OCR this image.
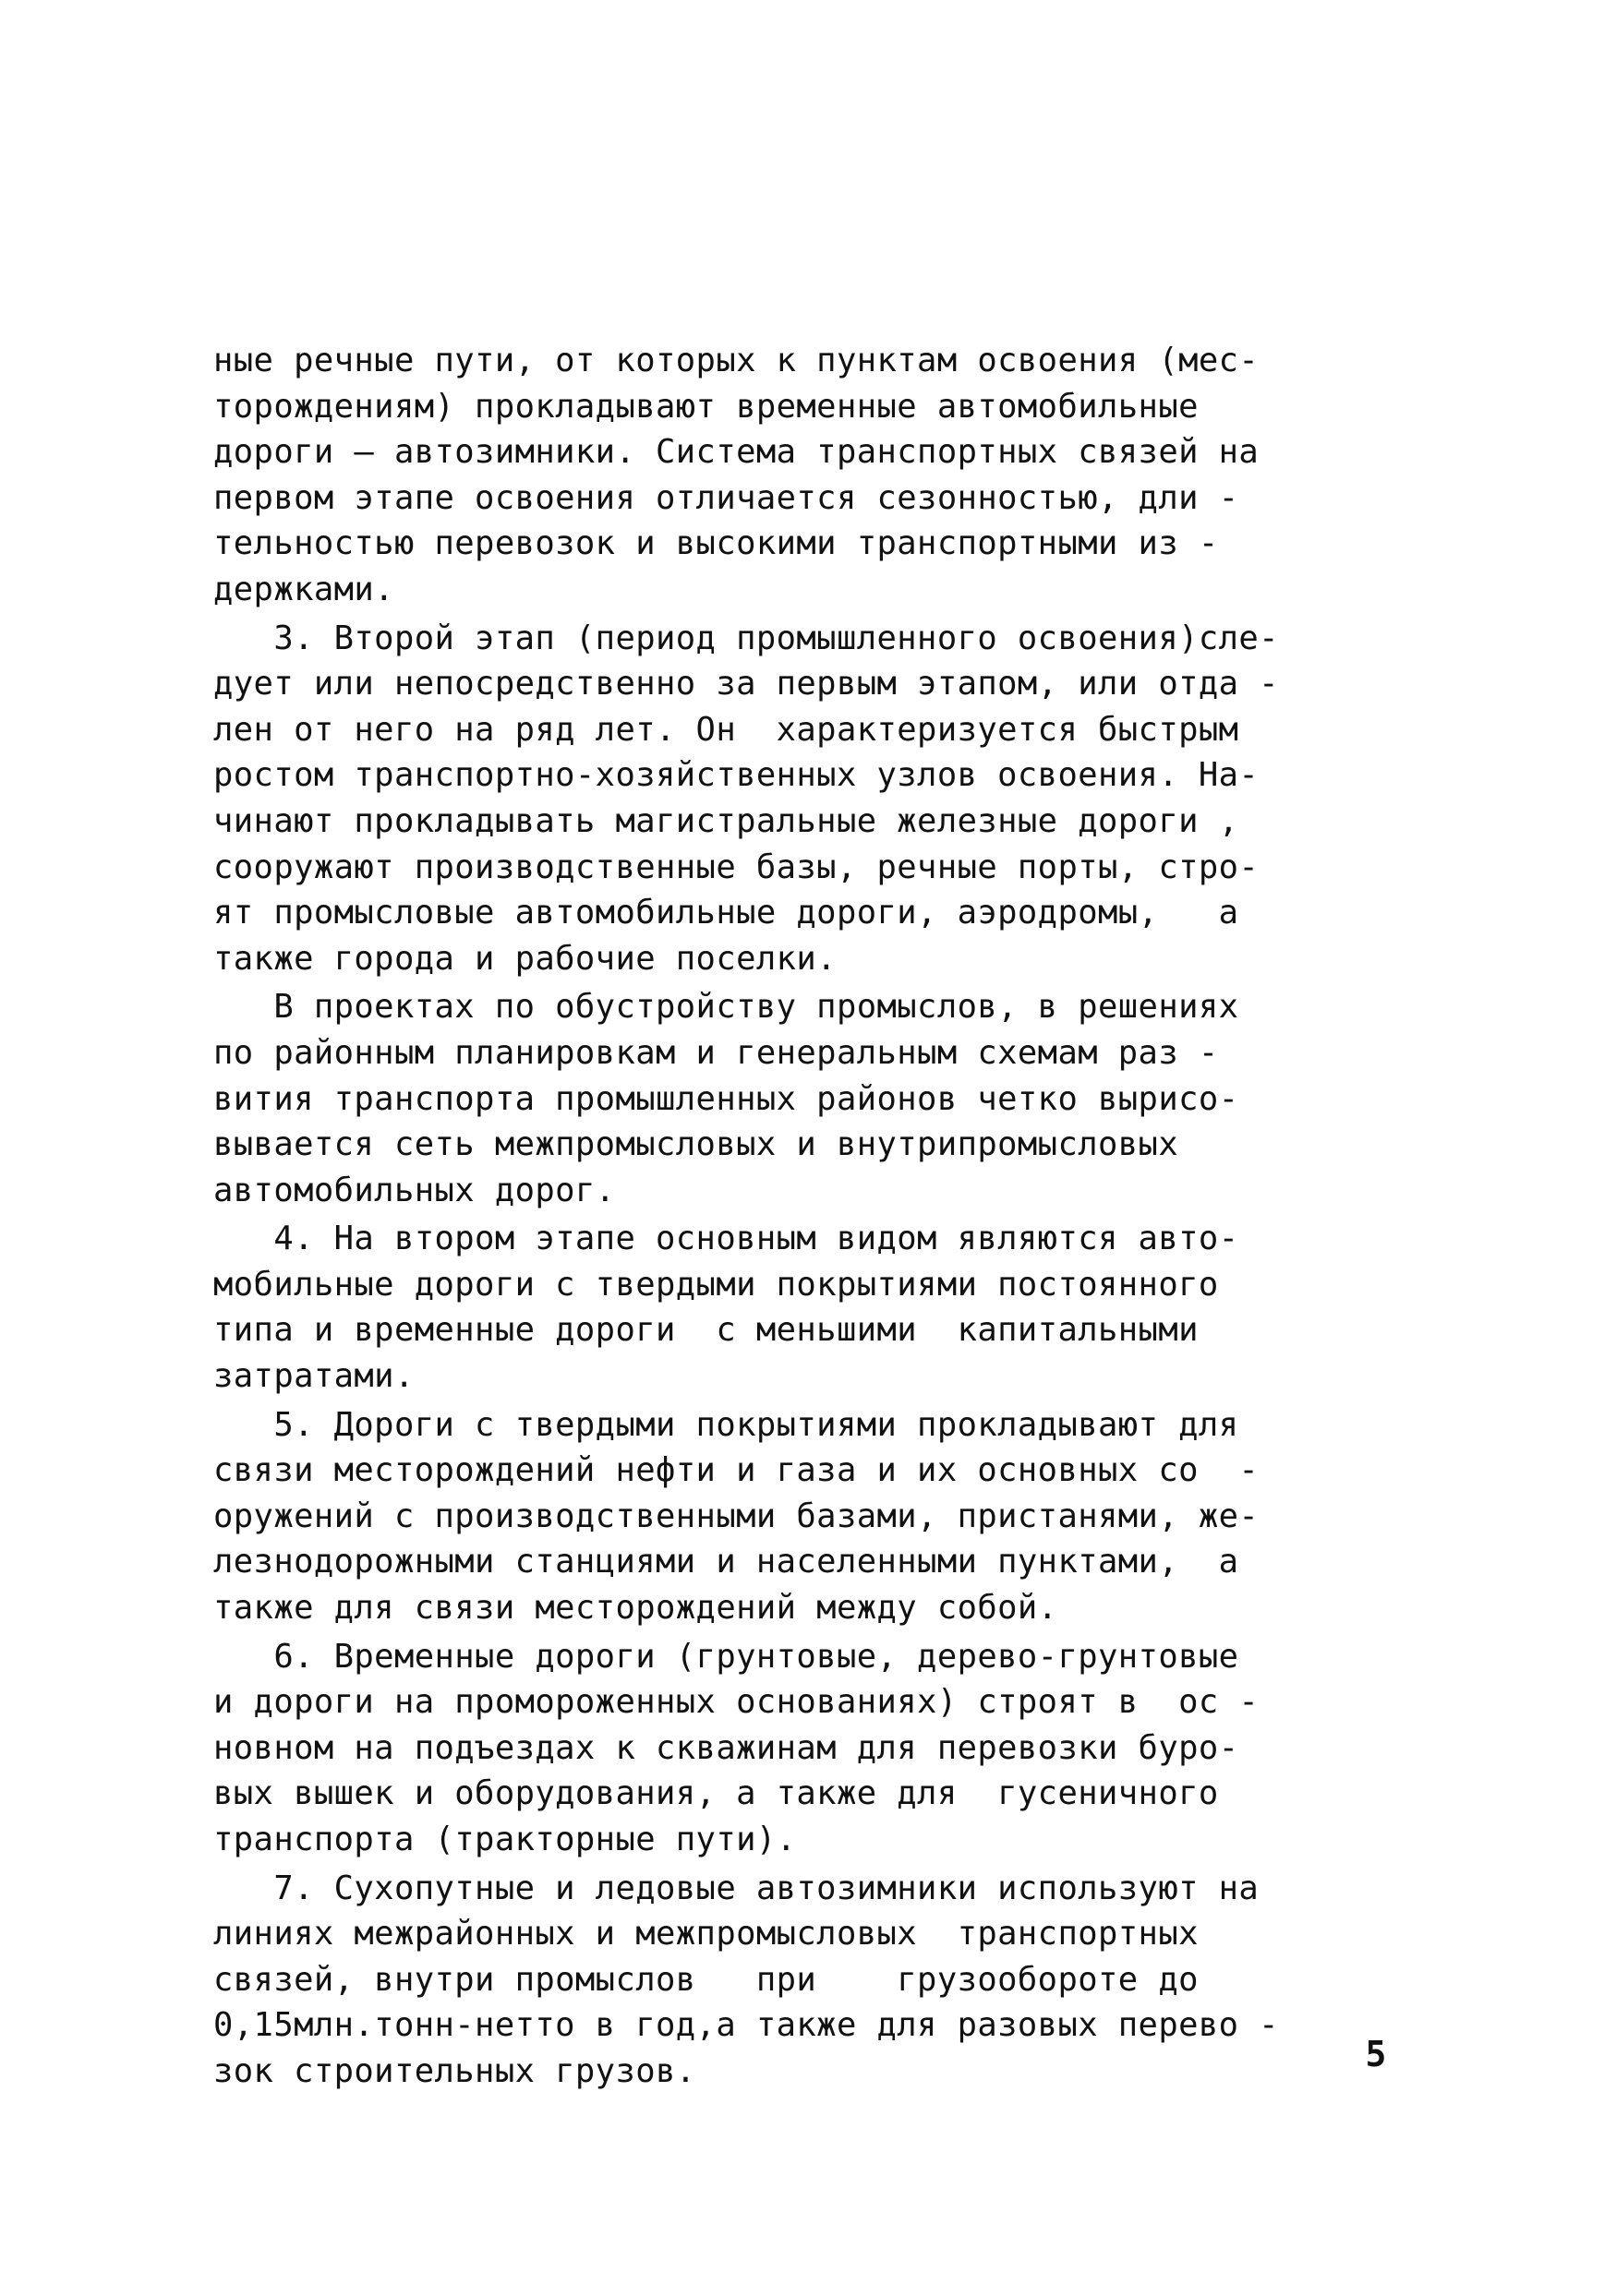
ные речные пути, от которых к пунктам освоения (мес-
торождениям) прокладывают временные автомобильные
дороги – автозимники. Система транспортных связей на
первом этапе освоения отличается сезонностью, дли -
тельностью перевозок и высокими транспортными из -
держками.
3. Второй этап (период промышленного освоения)сле-
дует или непосредственно за первым этапом, или отда -
лен от него на ряд лет. Он  характеризуется быстрым
ростом транспортно-хозяйственных узлов освоения. На-
чинают прокладывать магистральные железные дороги ,
сооружают производственные базы, речные порты, стро-
ят промысловые автомобильные дороги, аэродромы,   а
также города и рабочие поселки.
В проектах по обустройству промыслов, в решениях
по районным планировкам и генеральным схемам раз -
вития транспорта промышленных районов четко вырисо-
вывается сеть межпромысловых и внутрипромысловых
автомобильных дорог.
4. На втором этапе основным видом являются авто-
мобильные дороги с твердыми покрытиями постоянного
типа и временные дороги  с меньшими  капитальными
затратами.
5. Дороги с твердыми покрытиями прокладывают для
связи месторождений нефти и газа и их основных со  -
оружений с производственными базами, пристанями, же-
лезнодорожными станциями и населенными пунктами,  а
также для связи месторождений между собой.
6. Временные дороги (грунтовые, дерево-грунтовые
и дороги на промороженных основаниях) строят в  ос -
новном на подъездах к скважинам для перевозки буро-
вых вышек и оборудования, а также для  гусеничного
транспорта (тракторные пути).
7. Сухопутные и ледовые автозимники используют на
линиях межрайонных и межпромысловых  транспортных
связей, внутри промыслов   при    грузообороте до
0,15млн.тонн-нетто в год,а также для разовых перево -
зок строительных грузов.	5
